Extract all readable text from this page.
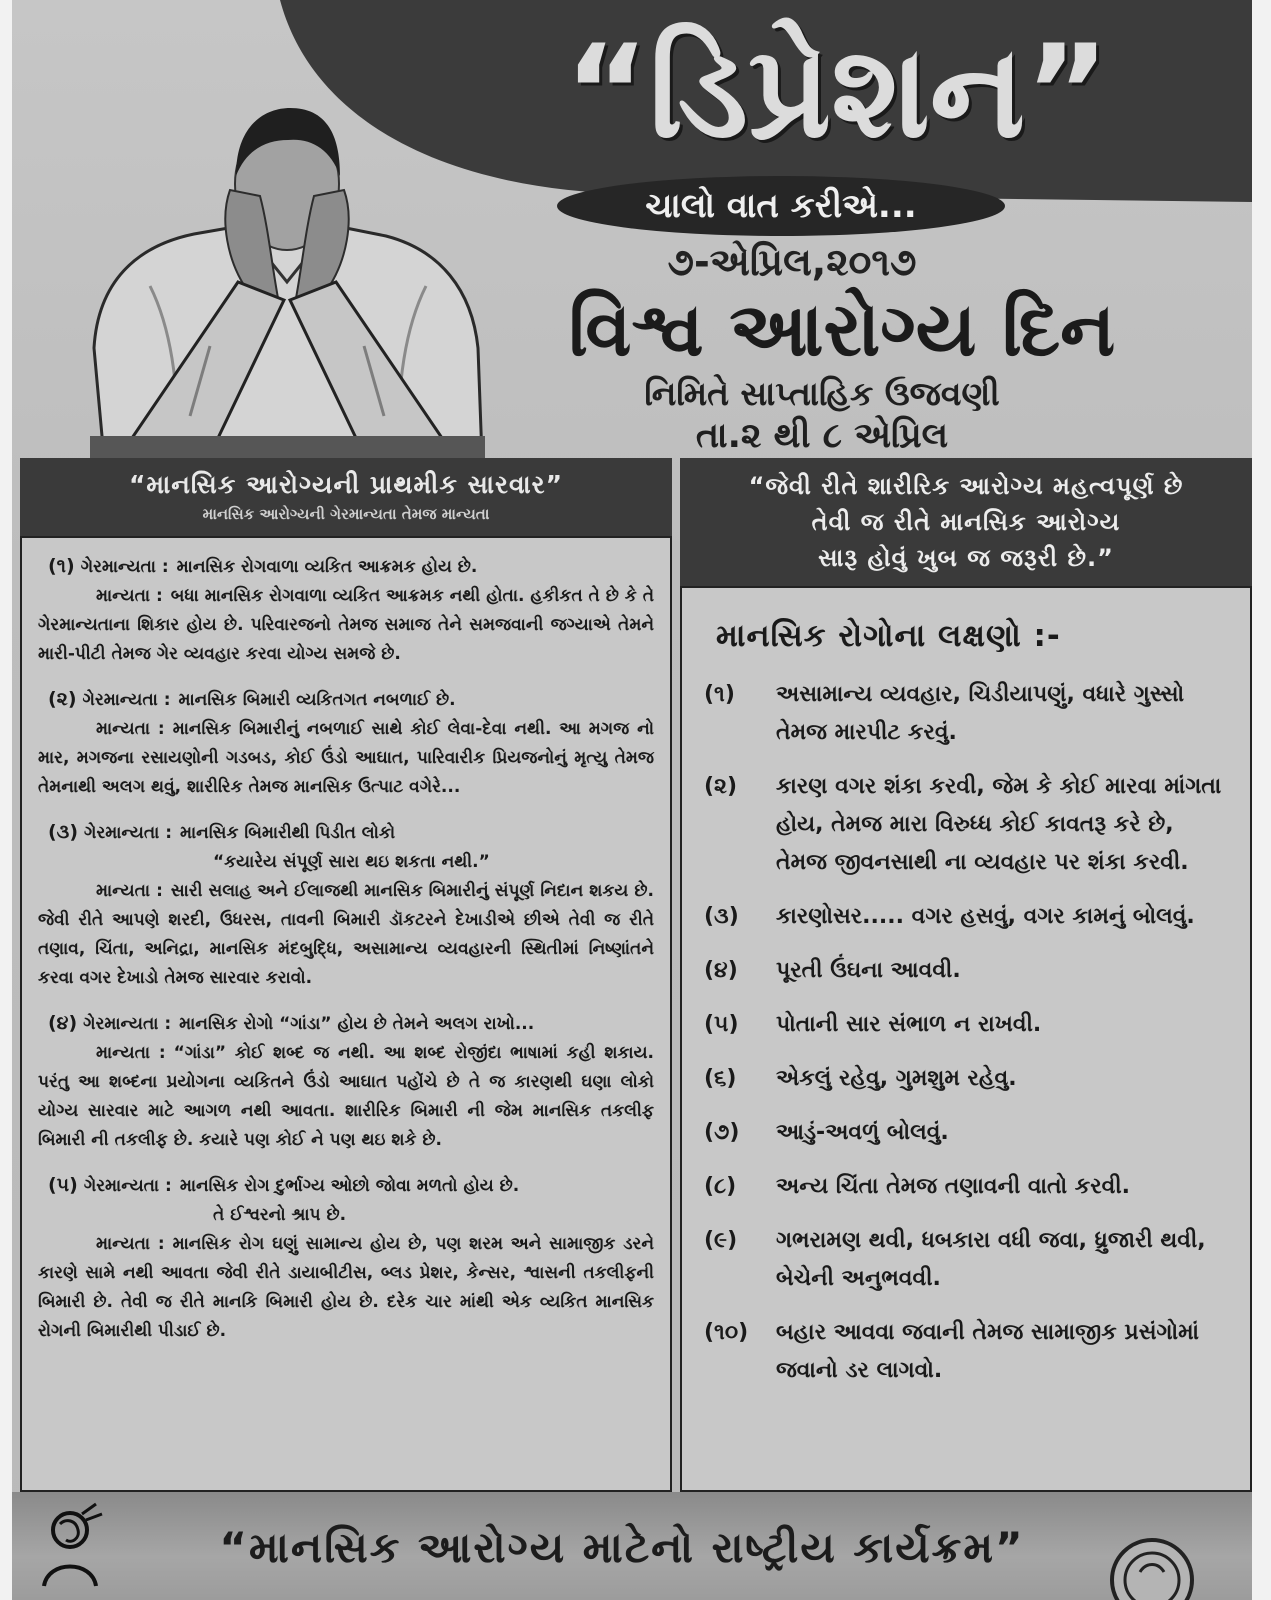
“ડિપ્રેશન”
ચાલો વાત કરીએ...
૭-એપ્રિલ,૨૦૧૭
વિશ્વ આરોગ્ય દિન
નિમિતે સાપ્તાહિક ઉજવણી
તા.૨ થી ૮ એપ્રિલ
“માનસિક આરોગ્યની પ્રાથમીક સારવાર”
માનસિક આરોગ્યની ગેરમાન્યતા તેમજ માન્યતા
“જેવી રીતે શારીરિક આરોગ્ય મહત્વપૂર્ણ છે
તેવી જ રીતે માનસિક આરોગ્ય
સારૂ હોવું ખુબ જ જરૂરી છે.”

(૧) ગેરમાન્યતા : માનસિક રોગવાળા વ્યકિત આક્રમક હોય છે.

માન્યતા : બધા માનસિક રોગવાળા વ્યકિત આક્રમક નથી હોતા. હકીકત તે છે કે તે ગેરમાન્યતાના શિકાર હોય છે. પરિવારજનો તેમજ સમાજ તેને સમજવાની જગ્યાએ તેમને મારી-પીટી તેમજ ગેર વ્યવહાર કરવા યોગ્ય સમજે છે.

(૨) ગેરમાન્યતા : માનસિક બિમારી વ્યકિતગત નબળાઈ છે.

માન્યતા : માનસિક બિમારીનું નબળાઈ સાથે કોઈ લેવા-દેવા નથી. આ મગજ નો માર, મગજના રસાયણોની ગડબડ, કોઈ ઉંડો આઘાત, પારિવારીક પ્રિયજનોનું મૃત્યુ તેમજ તેમનાથી અલગ થવું, શારીરિક તેમજ માનસિક ઉત્પાટ વગેરે...

(૩) ગેરમાન્યતા : માનસિક બિમારીથી પિડીત લોકો

“કયારેય સંપૂર્ણ સારા થઇ શકતા નથી.”

માન્યતા : સારી સલાહ અને ઈલાજથી માનસિક બિમારીનું સંપૂર્ણ નિદાન શકય છે. જેવી રીતે આપણે શરદી, ઉધરસ, તાવની બિમારી ડૉકટરને દેખાડીએ છીએ તેવી જ રીતે તણાવ, ચિંતા, અનિદ્રા, માનસિક મંદબુદ્ધિ, અસામાન્ય વ્યવહારની સ્થિતીમાં નિષ્ણાંતને કરવા વગર દેખાડો તેમજ સારવાર કરાવો.

(૪) ગેરમાન્યતા : માનસિક રોગો “ગાંડા” હોય છે તેમને અલગ રાખો...

માન્યતા : “ગાંડા” કોઈ શબ્દ જ નથી. આ શબ્દ રોજીંદા ભાષામાં કહી શકાય. પરંતુ આ શબ્દના પ્રયોગના વ્યકિતને ઉંડો આઘાત પહોંચે છે તે જ કારણથી ઘણા લોકો યોગ્ય સારવાર માટે આગળ નથી આવતા. શારીરિક બિમારી ની જેમ માનસિક તકલીફ બિમારી ની તકલીફ છે. કયારે પણ કોઈ ને પણ થઇ શકે છે.

(૫) ગેરમાન્યતા : માનસિક રોગ દુર્ભાગ્ય ઓછો જોવા મળતો હોય છે.

તે ઈશ્વરનો શ્રાપ છે.

માન્યતા : માનસિક રોગ ઘણું સામાન્ય હોય છે, પણ શરમ અને સામાજીક ડરને કારણે સામે નથી આવતા જેવી રીતે ડાયાબીટીસ, બ્લડ પ્રેશર, કેન્સર, શ્વાસની તકલીફની બિમારી છે. તેવી જ રીતે માનકિ બિમારી હોય છે. દરેક ચાર માંથી એક વ્યકિત માનસિક રોગની બિમારીથી પીડાઈ છે.

માનસિક રોગોના લક્ષણો :-
(૧)	અસામાન્ય વ્યવહાર, ચિડીયાપણું, વધારે ગુસ્સો તેમજ મારપીટ કરવું.
(૨)	કારણ વગર શંકા કરવી, જેમ કે કોઈ મારવા માંગતા હોય, તેમજ મારા વિરુધ્ધ કોઈ કાવતરૂ કરે છે, તેમજ જીવનસાથી ના વ્યવહાર પર શંકા કરવી.
(૩)	કારણોસર..... વગર હસવું, વગર કામનું બોલવું.
(૪)	પૂરતી ઉંઘના આવવી.
(૫)	પોતાની સાર સંભાળ ન રાખવી.
(૬)	એકલું રહેવુ, ગુમશુમ રહેવુ.
(૭)	આડું-અવળું બોલવું.
(૮)	અન્ય ચિંતા તેમજ તણાવની વાતો કરવી.
(૯)	ગભરામણ થવી, ધબકારા વધી જવા, ધ્રુજારી થવી, બેચેની અનુભવવી.
(૧૦)	બહાર આવવા જવાની તેમજ સામાજીક પ્રસંગોમાં જવાનો ડર લાગવો.
“માનસિક આરોગ્ય માટેનો રાષ્ટ્રીય કાર્યક્રમ”
